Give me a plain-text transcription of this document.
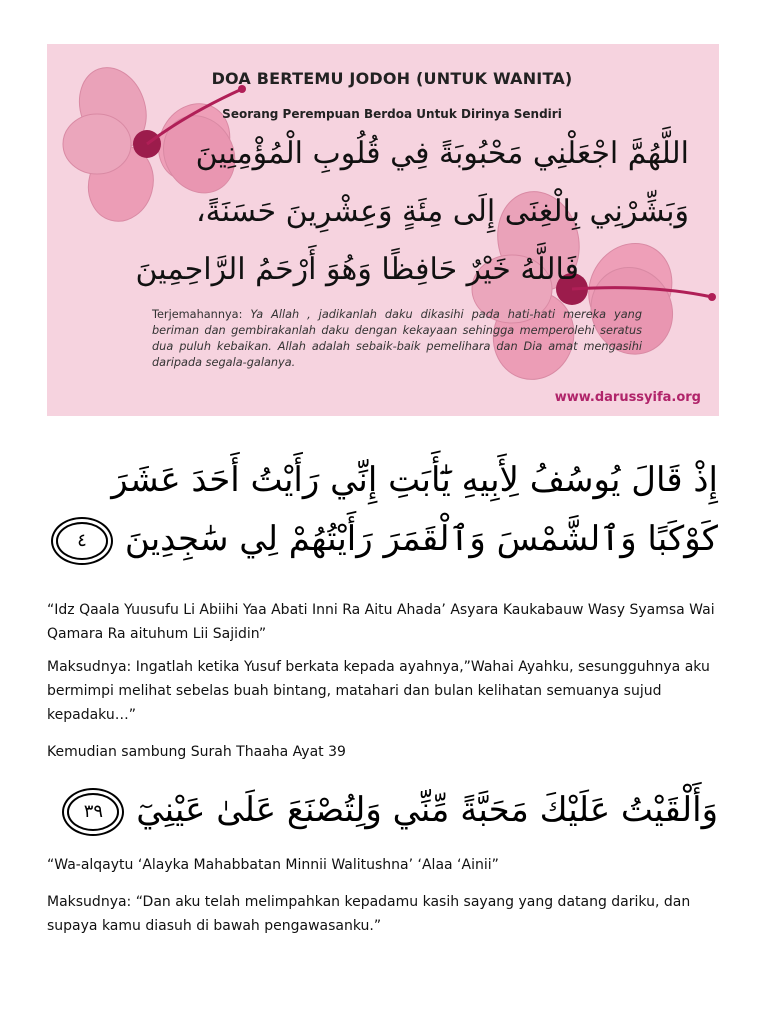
DOA BERTEMU JODOH (UNTUK WANITA)
Seorang Perempuan Berdoa Untuk Dirinya Sendiri
اللَّهُمَّ اجْعَلْنِي مَحْبُوبَةً فِي قُلُوبِ الْمُؤْمِنِينَ
وَبَشِّرْنِي بِالْغِنَى إِلَى مِئَةٍ وَعِشْرِينَ حَسَنَةً،
فَاللَّهُ خَيْرٌ حَافِظًا وَهُوَ أَرْحَمُ الرَّاحِمِينَ
Terjemahannya: Ya Allah , jadikanlah daku dikasihi pada hati-hati mereka yang beriman dan gembirakanlah daku dengan kekayaan sehingga memperolehi seratus dua puluh kebaikan. Allah adalah sebaik-baik pemelihara dan Dia amat mengasihi daripada segala-galanya.
www.darussyifa.org
إِذْ قَالَ يُوسُفُ لِأَبِيهِ يَٰٓأَبَتِ إِنِّي رَأَيْتُ أَحَدَ عَشَرَ
كَوْكَبًا وَٱلشَّمْسَ وَٱلْقَمَرَ رَأَيْتُهُمْ لِي سَٰجِدِينَ ٤
“Idz Qaala Yuusufu Li Abiihi Yaa Abati Inni Ra Aitu Ahada’ Asyara Kaukabauw Wasy Syamsa Wai Qamara Ra aituhum Lii Sajidin”
Maksudnya: Ingatlah ketika Yusuf berkata kepada ayahnya,”Wahai Ayahku, sesungguhnya aku bermimpi melihat sebelas buah bintang, matahari dan bulan kelihatan semuanya sujud kepadaku…”
Kemudian sambung Surah Thaaha Ayat 39
وَأَلْقَيْتُ عَلَيْكَ مَحَبَّةً مِّنِّي وَلِتُصْنَعَ عَلَىٰ عَيْنِيٓ ٣٩
“Wa-alqaytu ‘Alayka Mahabbatan Minnii Walitushna’ ‘Alaa ‘Ainii”
Maksudnya: “Dan aku telah melimpahkan kepadamu kasih sayang yang datang dariku, dan supaya kamu diasuh di bawah pengawasanku.”
